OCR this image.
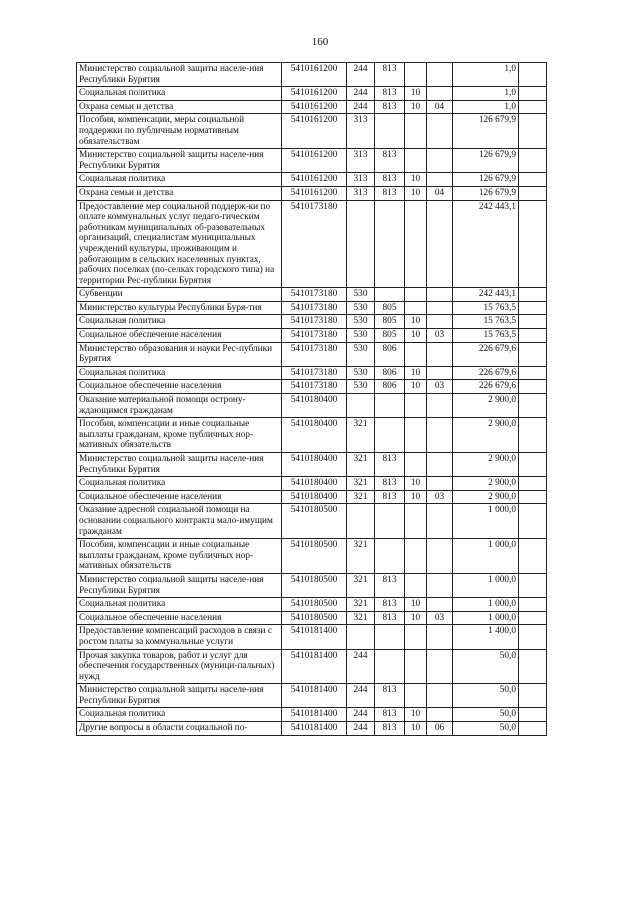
160
Министерство социальной защиты населе-ния Республики Бурятия	5410161200	244	813			1,0	
Социальная политика	5410161200	244	813	10		1,0	
Охрана семьи и детства	5410161200	244	813	10	04	1,0	
Пособия, компенсации, меры социальной поддержки по публичным нормативным обязательствам	5410161200	313				126 679,9	
Министерство социальной защиты населе-ния Республики Бурятия	5410161200	313	813			126 679,9	
Социальная политика	5410161200	313	813	10		126 679,9	
Охрана семьи и детства	5410161200	313	813	10	04	126 679,9	
Предоставление мер социальной поддерж-ки по оплате коммунальных услуг педаго-гическим работникам муниципальных об-разовательных организаций, специалистам муниципальных учреждений культуры, проживающим и работающим в сельских населенных пунктах, рабочих поселках (по-селках городского типа) на территории Рес-публики Бурятия	5410173180					242 443,1	
Субвенции	5410173180	530				242 443,1	
Министерство культуры Республики Буря-тия	5410173180	530	805			15 763,5	
Социальная политика	5410173180	530	805	10		15 763,5	
Социальное обеспечение населения	5410173180	530	805	10	03	15 763,5	
Министерство образования и науки Рес-публики Бурятия	5410173180	530	806			226 679,6	
Социальная политика	5410173180	530	806	10		226 679,6	
Социальное обеспечение населения	5410173180	530	806	10	03	226 679,6	
Оказание материальной помощи острону-ждающимся гражданам	5410180400					2 900,0	
Пособия, компенсации и иные социальные выплаты гражданам, кроме публичных нор-мативных обязательств	5410180400	321				2 900,0	
Министерство социальной защиты населе-ния Республики Бурятия	5410180400	321	813			2 900,0	
Социальная политика	5410180400	321	813	10		2 900,0	
Социальное обеспечение населения	5410180400	321	813	10	03	2 900,0	
Оказание адресной социальной помощи на основании социального контракта мало-имущим гражданам	5410180500					1 000,0	
Пособия, компенсации и иные социальные выплаты гражданам, кроме публичных нор-мативных обязательств	5410180500	321				1 000,0	
Министерство социальной защиты населе-ния Республики Бурятия	5410180500	321	813			1 000,0	
Социальная политика	5410180500	321	813	10		1 000,0	
Социальное обеспечение населения	5410180500	321	813	10	03	1 000,0	
Предоставление компенсаций расходов в связи с ростом платы за коммунальные услуги	5410181400					1 400,0	
Прочая закупка товаров, работ и услуг для обеспечения государственных (муници-пальных) нужд	5410181400	244				50,0	
Министерство социальной защиты населе-ния Республики Бурятия	5410181400	244	813			50,0	
Социальная политика	5410181400	244	813	10		50,0	
Другие вопросы в области социальной по-	5410181400	244	813	10	06	50,0	
